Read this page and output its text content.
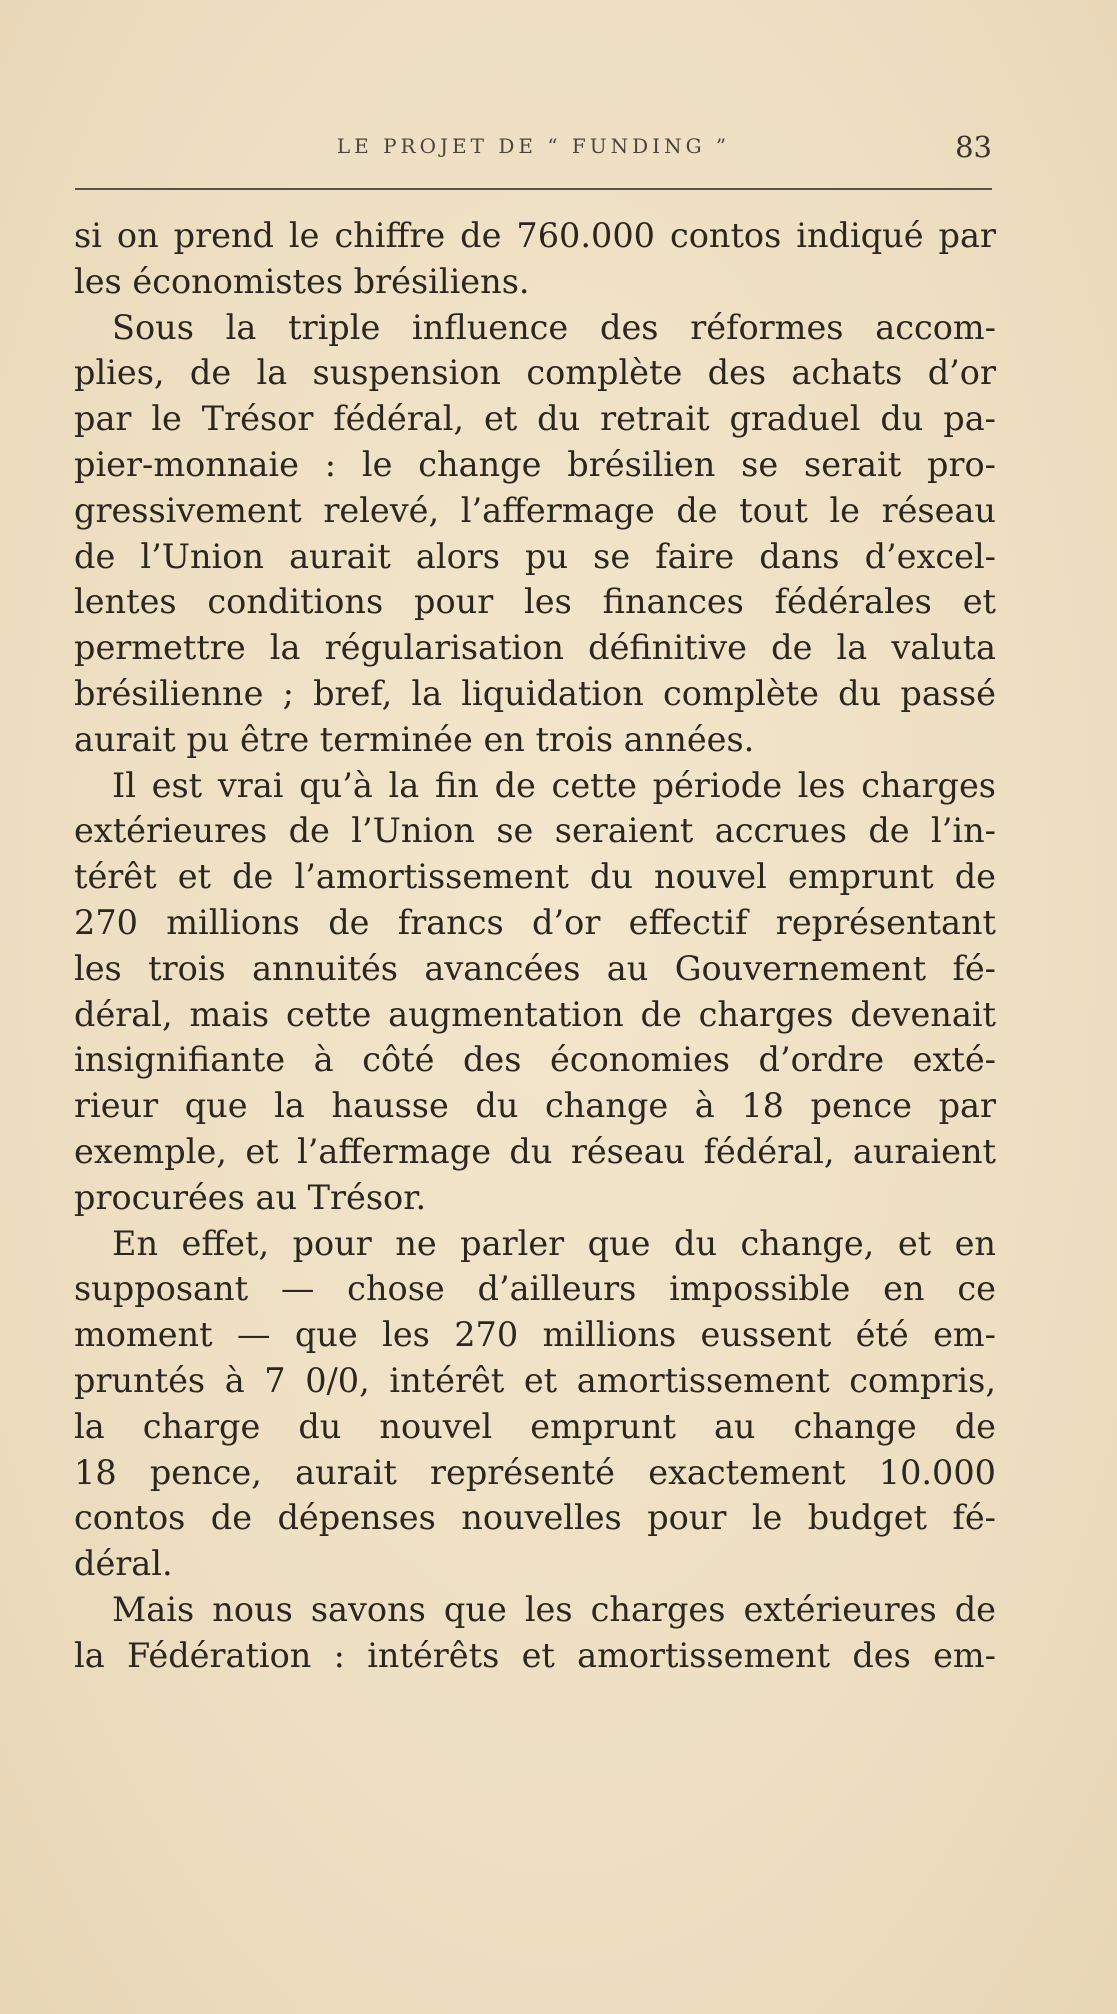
LE PROJET DE “ FUNDING ”	83

si on prend le chiffre de 760.000 contos indiqué par
les économistes brésiliens.

Sous la triple influence des réformes accom-
plies, de la suspension complète des achats d’or
par le Trésor fédéral, et du retrait graduel du pa-
pier-monnaie : le change brésilien se serait pro-
gressivement relevé, l’affermage de tout le réseau
de l’Union aurait alors pu se faire dans d’excel-
lentes conditions pour les finances fédérales et
permettre la régularisation définitive de la valuta
brésilienne ; bref, la liquidation complète du passé
aurait pu être terminée en trois années.

Il est vrai qu’à la fin de cette période les charges
extérieures de l’Union se seraient accrues de l’in-
térêt et de l’amortissement du nouvel emprunt de
270 millions de francs d’or effectif représentant
les trois annuités avancées au Gouvernement fé-
déral, mais cette augmentation de charges devenait
insignifiante à côté des économies d’ordre exté-
rieur que la hausse du change à 18 pence par
exemple, et l’affermage du réseau fédéral, auraient
procurées au Trésor.

En effet, pour ne parler que du change, et en
supposant — chose d’ailleurs impossible en ce
moment — que les 270 millions eussent été em-
pruntés à 7 0/0, intérêt et amortissement compris,
la charge du nouvel emprunt au change de
18 pence, aurait représenté exactement 10.000
contos de dépenses nouvelles pour le budget fé-
déral.

Mais nous savons que les charges extérieures de
la Fédération : intérêts et amortissement des em-
